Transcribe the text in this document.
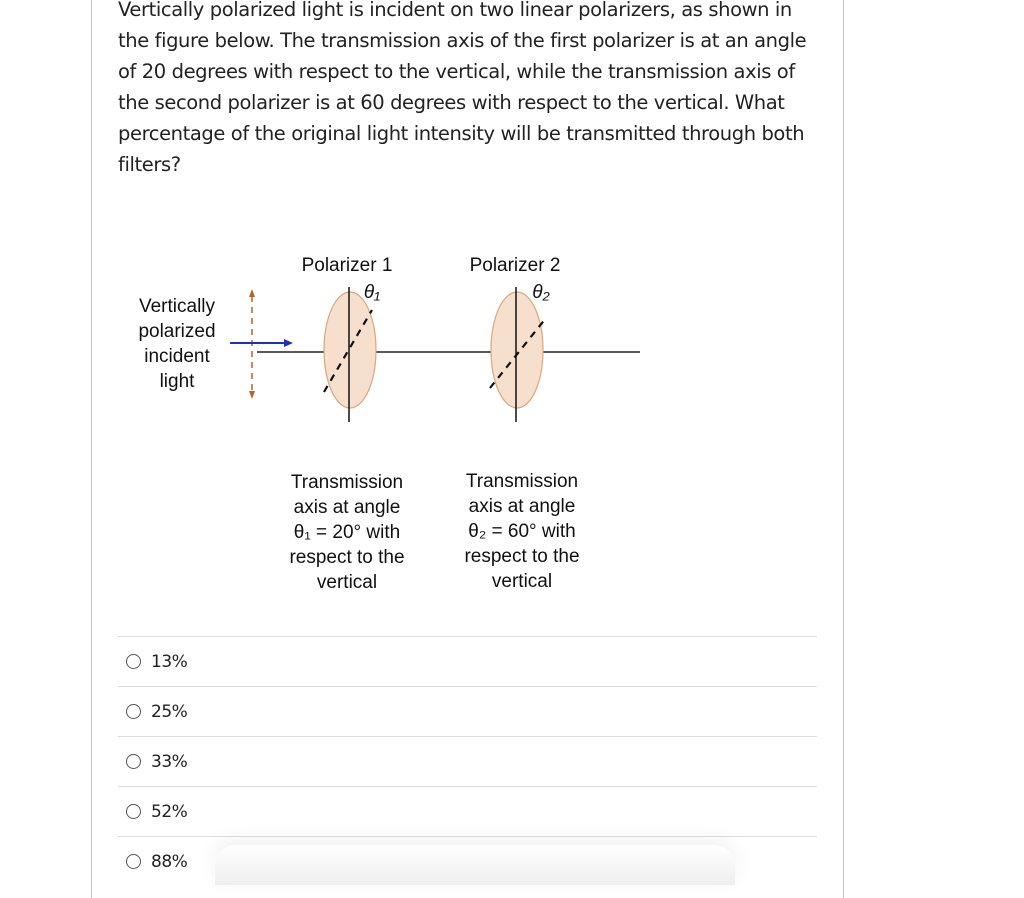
Vertically polarized light is incident on two linear polarizers, as shown in the figure below. The transmission axis of the first polarizer is at an angle of 20 degrees with respect to the vertical, while the transmission axis of the second polarizer is at 60 degrees with respect to the vertical. What percentage of the original light intensity will be transmitted through both filters?
Vertically
polarized
incident
light
Polarizer 1
θ₁
Polarizer 2
θ₂
Transmission
axis at angle
θ₁ = 20° with
respect to the
vertical
Transmission
axis at angle
θ₂ = 60° with
respect to the
vertical
13%
25%
33%
52%
88%
